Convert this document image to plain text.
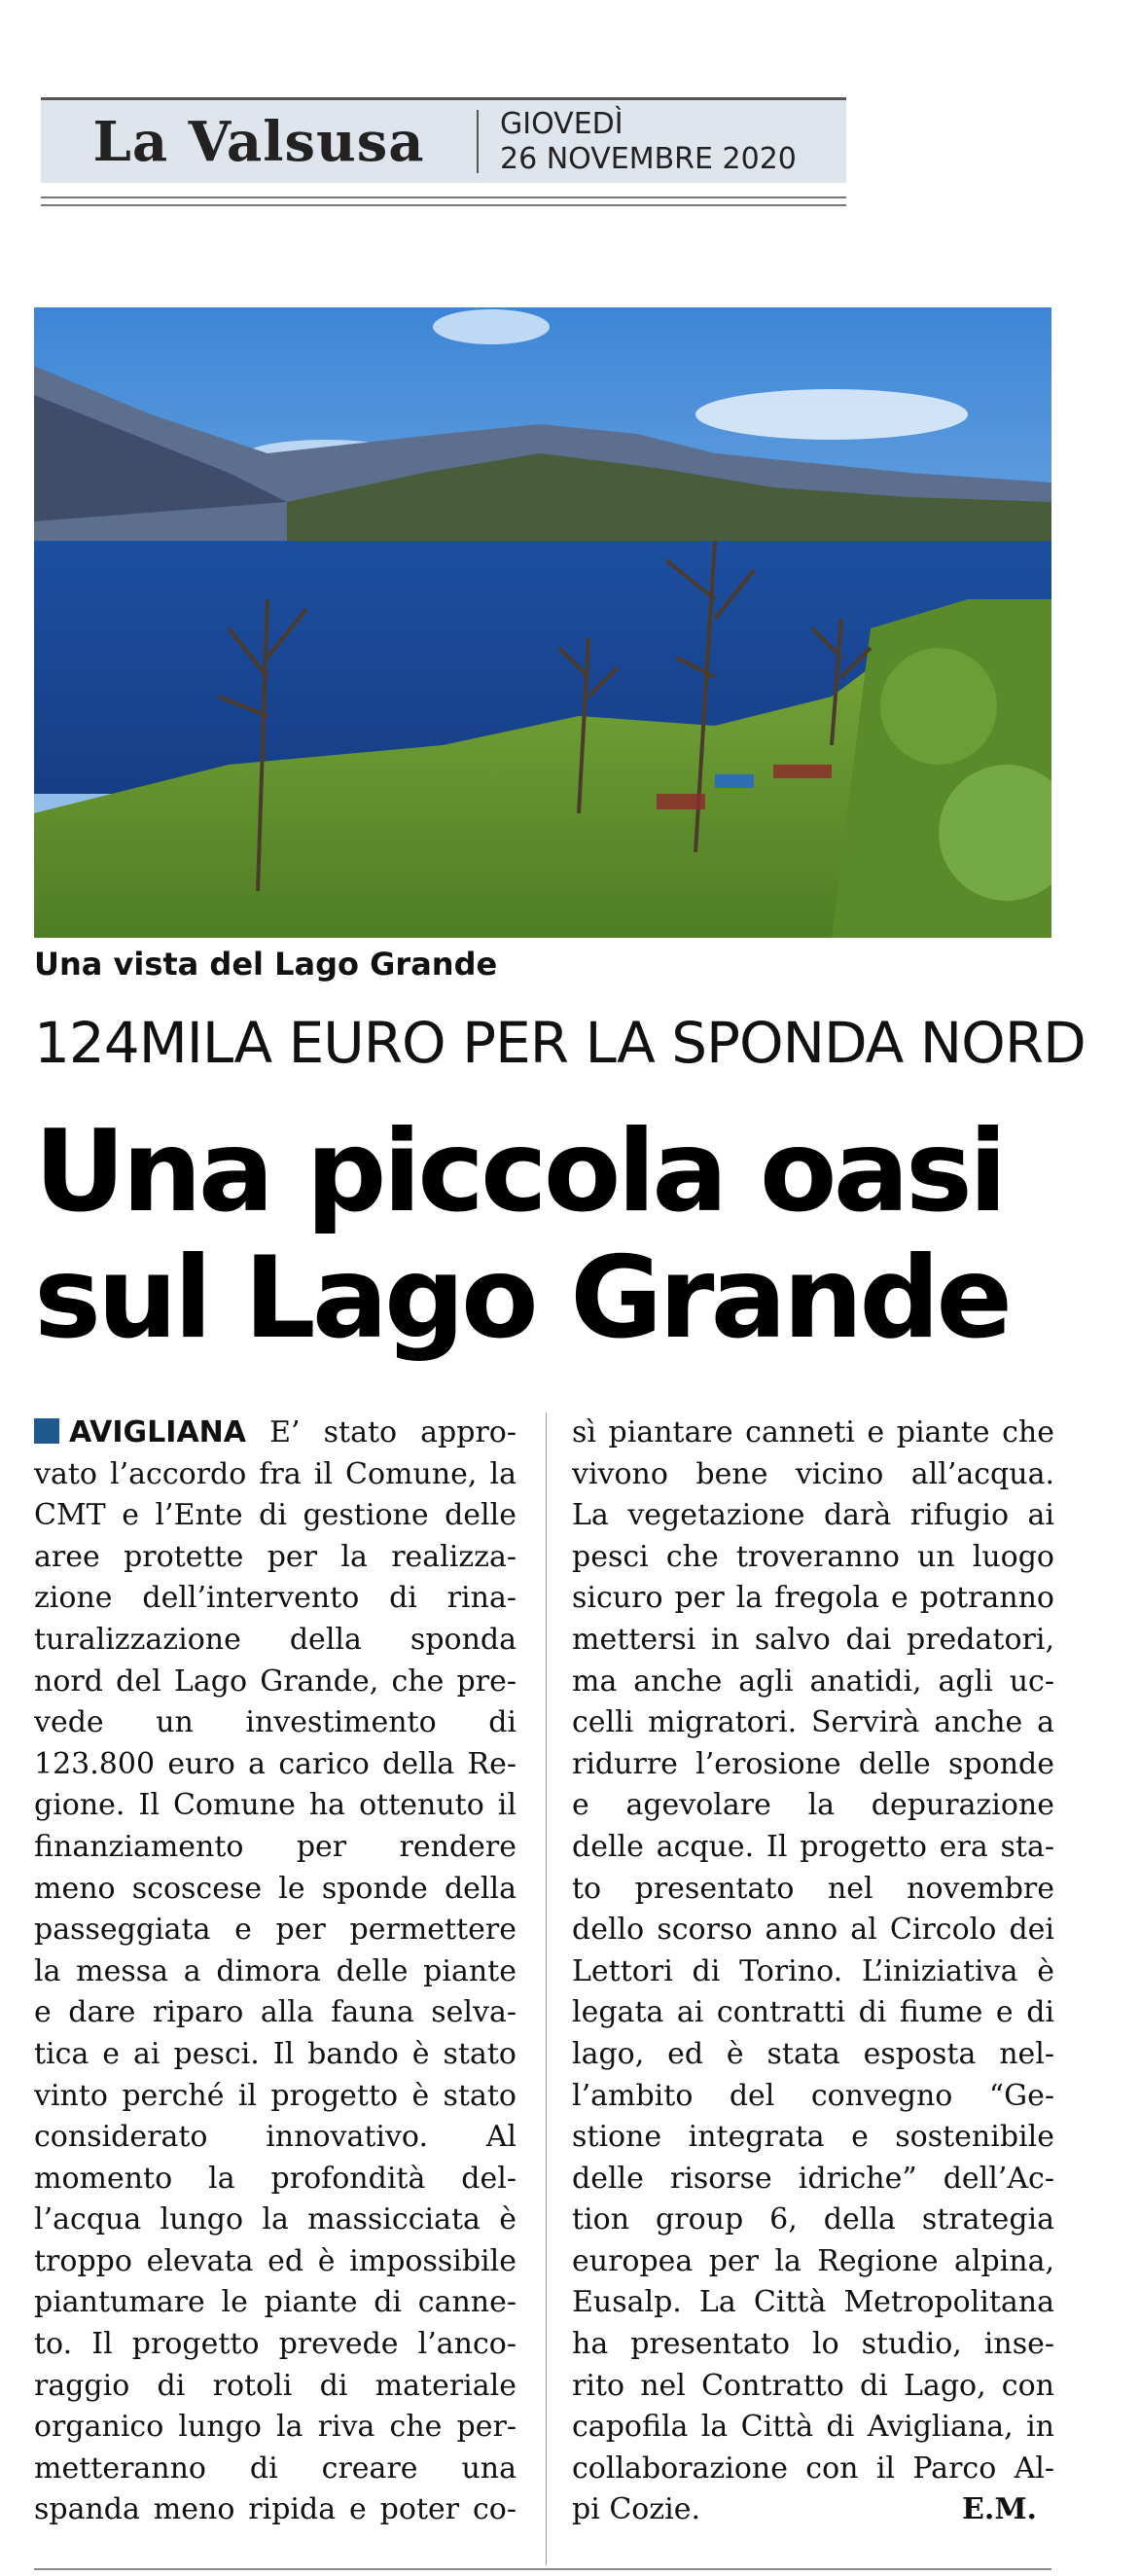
La Valsusa	GIOVEDÌ
26 NOVEMBRE 2020
Una vista del Lago Grande
124MILA EURO PER LA SPONDA NORD
Una piccola oasi
sul Lago Grande
AVIGLIANA E’ stato appro-
vato l’accordo fra il Comune, la
CMT e l’Ente di gestione delle
aree protette per la realizza-
zione dell’intervento di rina-
turalizzazione della sponda
nord del Lago Grande, che pre-
vede un investimento di
123.800 euro a carico della Re-
gione. Il Comune ha ottenuto il
finanziamento per rendere
meno scoscese le sponde della
passeggiata e per permettere
la messa a dimora delle piante
e dare riparo alla fauna selva-
tica e ai pesci. Il bando è stato
vinto perché il progetto è stato
considerato innovativo. Al
momento la profondità del-
l’acqua lungo la massicciata è
troppo elevata ed è impossibile
piantumare le piante di canne-
to. Il progetto prevede l’anco-
raggio di rotoli di materiale
organico lungo la riva che per-
metteranno di creare una
spanda meno ripida e poter co-
sì piantare canneti e piante che
vivono bene vicino all’acqua.
La vegetazione darà rifugio ai
pesci che troveranno un luogo
sicuro per la fregola e potranno
mettersi in salvo dai predatori,
ma anche agli anatidi, agli uc-
celli migratori. Servirà anche a
ridurre l’erosione delle sponde
e agevolare la depurazione
delle acque. Il progetto era sta-
to presentato nel novembre
dello scorso anno al Circolo dei
Lettori di Torino. L’iniziativa è
legata ai contratti di fiume e di
lago, ed è stata esposta nel-
l’ambito del convegno “Ge-
stione integrata e sostenibile
delle risorse idriche” dell’Ac-
tion group 6, della strategia
europea per la Regione alpina,
Eusalp. La Città Metropolitana
ha presentato lo studio, inse-
rito nel Contratto di Lago, con
capofila la Città di Avigliana, in
collaborazione con il Parco Al-
pi Cozie.	E.M.
